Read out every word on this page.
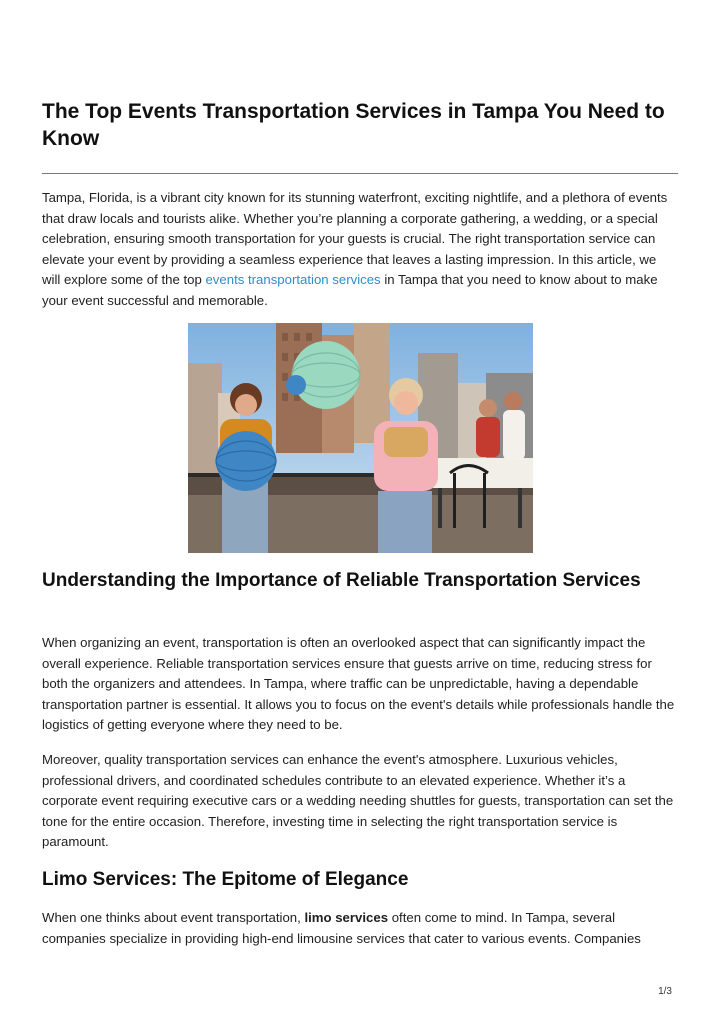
The Top Events Transportation Services in Tampa You Need to Know

Tampa, Florida, is a vibrant city known for its stunning waterfront, exciting nightlife, and a plethora of events that draw locals and tourists alike. Whether you’re planning a corporate gathering, a wedding, or a special celebration, ensuring smooth transportation for your guests is crucial. The right transportation service can elevate your event by providing a seamless experience that leaves a lasting impression. In this article, we will explore some of the top events transportation services in Tampa that you need to know about to make your event successful and memorable.

Understanding the Importance of Reliable Transportation Services

When organizing an event, transportation is often an overlooked aspect that can significantly impact the overall experience. Reliable transportation services ensure that guests arrive on time, reducing stress for both the organizers and attendees. In Tampa, where traffic can be unpredictable, having a dependable transportation partner is essential. It allows you to focus on the event's details while professionals handle the logistics of getting everyone where they need to be.

Moreover, quality transportation services can enhance the event's atmosphere. Luxurious vehicles, professional drivers, and coordinated schedules contribute to an elevated experience. Whether it’s a corporate event requiring executive cars or a wedding needing shuttles for guests, transportation can set the tone for the entire occasion. Therefore, investing time in selecting the right transportation service is paramount.

Limo Services: The Epitome of Elegance

When one thinks about event transportation, limo services often come to mind. In Tampa, several companies specialize in providing high-end limousine services that cater to various events. Companies

1/3
